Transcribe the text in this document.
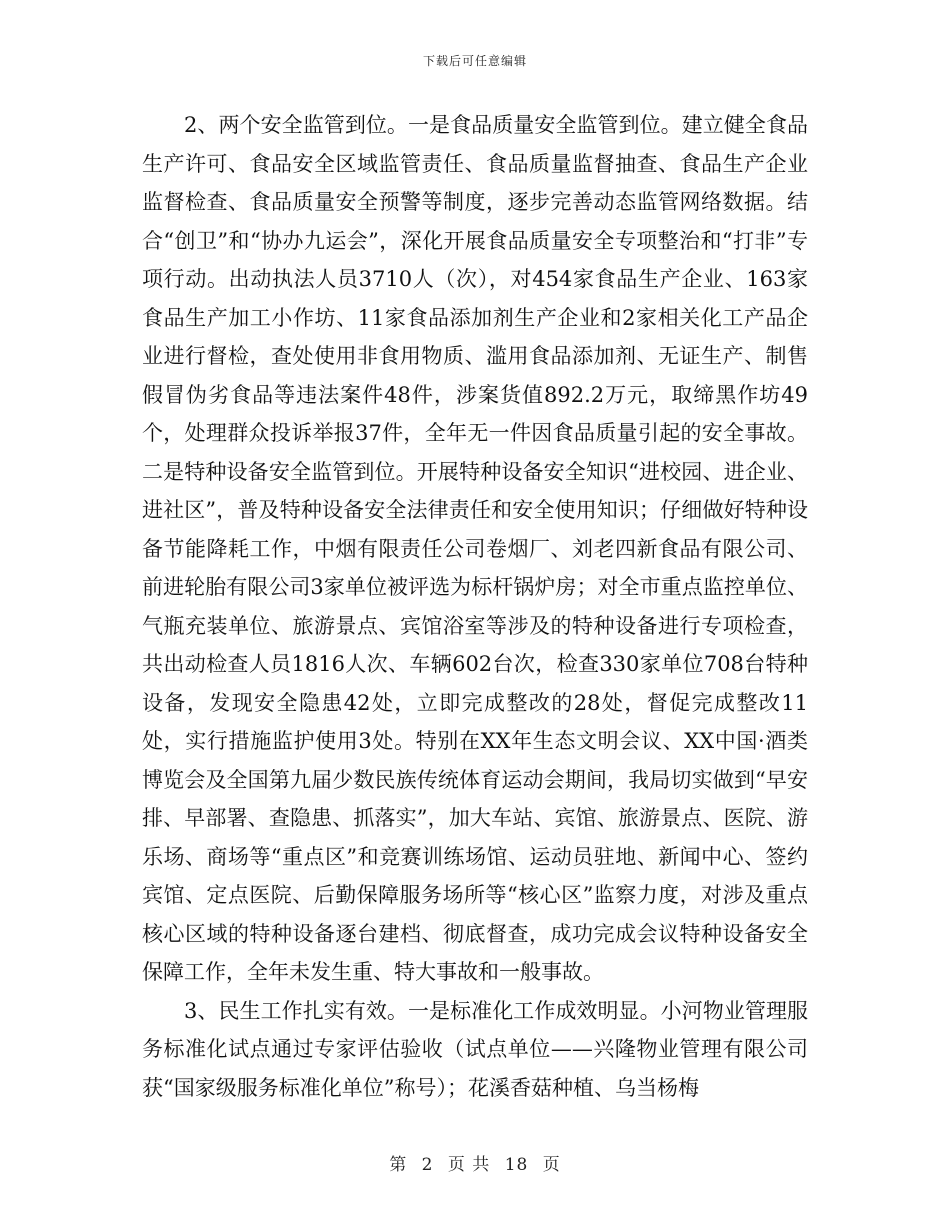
下载后可任意编辑

2、两个安全监管到位。一是食品质量安全监管到位。建立健全食品生产许可、食品安全区域监管责任、食品质量监督抽查、食品生产企业监督检查、食品质量安全预警等制度，逐步完善动态监管网络数据。结合“创卫”和“协办九运会”，深化开展食品质量安全专项整治和“打非”专项行动。出动执法人员3710人（次），对454家食品生产企业、163家食品生产加工小作坊、11家食品添加剂生产企业和2家相关化工产品企业进行督检，查处使用非食用物质、滥用食品添加剂、无证生产、制售假冒伪劣食品等违法案件48件，涉案货值892.2万元，取缔黑作坊49个，处理群众投诉举报37件，全年无一件因食品质量引起的安全事故。二是特种设备安全监管到位。开展特种设备安全知识“进校园、进企业、进社区”，普及特种设备安全法律责任和安全使用知识；仔细做好特种设备节能降耗工作，中烟有限责任公司卷烟厂、刘老四新食品有限公司、前进轮胎有限公司3家单位被评选为标杆锅炉房；对全市重点监控单位、气瓶充装单位、旅游景点、宾馆浴室等涉及的特种设备进行专项检查，共出动检查人员1816人次、车辆602台次，检查330家单位708台特种设备，发现安全隐患42处，立即完成整改的28处，督促完成整改11处，实行措施监护使用3处。特别在XX年生态文明会议、XX中国·酒类博览会及全国第九届少数民族传统体育运动会期间，我局切实做到“早安排、早部署、查隐患、抓落实”，加大车站、宾馆、旅游景点、医院、游乐场、商场等“重点区”和竞赛训练场馆、运动员驻地、新闻中心、签约宾馆、定点医院、后勤保障服务场所等“核心区”监察力度，对涉及重点核心区域的特种设备逐台建档、彻底督查，成功完成会议特种设备安全保障工作，全年未发生重、特大事故和一般事故。

3、民生工作扎实有效。一是标准化工作成效明显。小河物业管理服务标准化试点通过专家评估验收（试点单位——兴隆物业管理有限公司获“国家级服务标准化单位”称号）；花溪香菇种植、乌当杨梅

第 2 页 共 18 页
